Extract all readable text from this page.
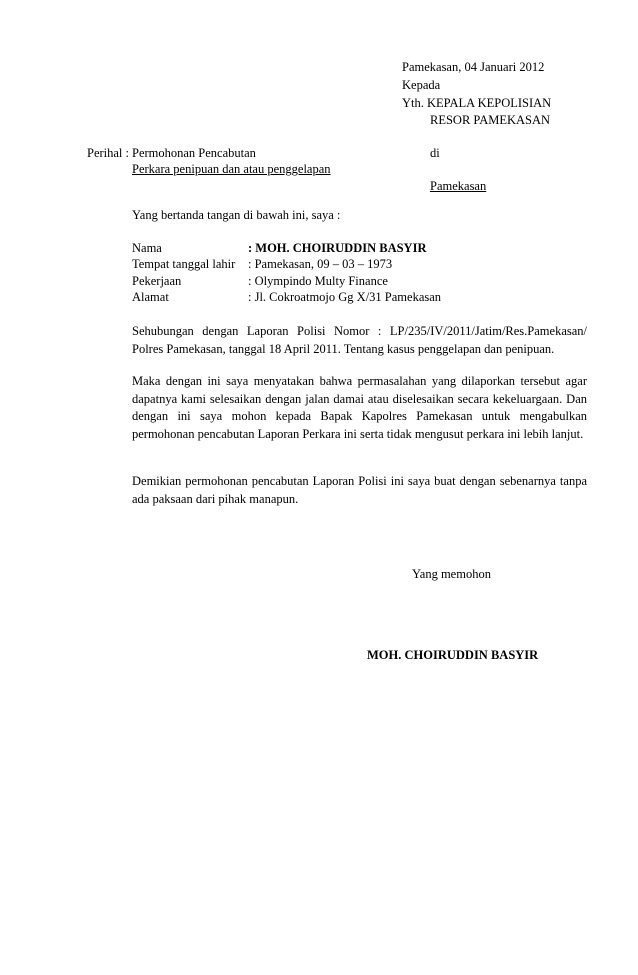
Pamekasan, 04 Januari 2012
Kepada
Yth. KEPALA KEPOLISIAN
RESOR PAMEKASAN
Perihal : Permohonan Pencabutan
Perkara penipuan dan atau penggelapan
di
Pamekasan
Yang bertanda tangan di bawah ini, saya :
Nama	: MOH. CHOIRUDDIN BASYIR
Tempat tanggal lahir : Pamekasan, 09 – 03 – 1973
Pekerjaan	: Olympindo Multy Finance
Alamat	: Jl. Cokroatmojo Gg X/31 Pamekasan
Sehubungan dengan Laporan Polisi Nomor : LP/235/IV/2011/Jatim/Res.Pamekasan/ Polres Pamekasan, tanggal 18 April 2011. Tentang kasus penggelapan dan penipuan.
Maka dengan ini saya menyatakan bahwa permasalahan yang dilaporkan tersebut agar dapatnya kami selesaikan dengan jalan damai atau diselesaikan secara kekeluargaan. Dan dengan ini saya mohon kepada Bapak Kapolres Pamekasan untuk mengabulkan permohonan pencabutan Laporan Perkara ini serta tidak mengusut perkara ini lebih lanjut.
Demikian permohonan pencabutan Laporan Polisi ini saya buat dengan sebenarnya tanpa ada paksaan dari pihak manapun.
Yang memohon
MOH. CHOIRUDDIN BASYIR
